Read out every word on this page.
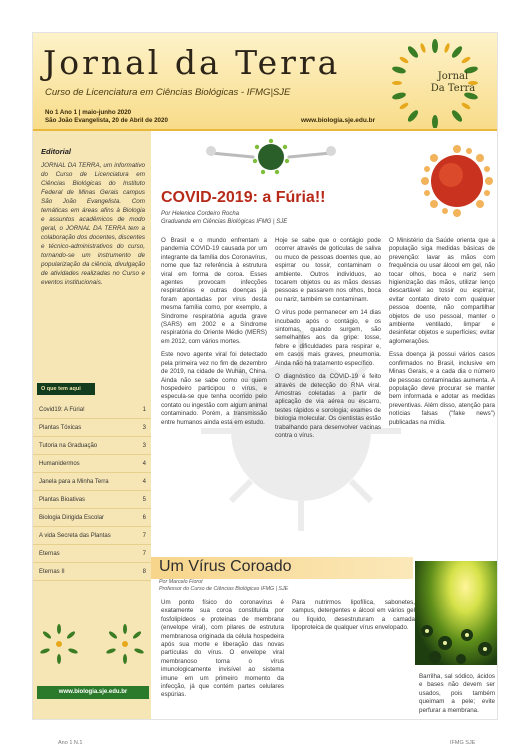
Jornal da Terra
Curso de Licenciatura em Ciências Biológicas - IFMG|SJE
No 1 Ano 1 | maio-junho 2020
São João Evangelista, 20 de Abril de 2020	www.biologia.sje.edu.br
Jornal
Da Terra
Editorial
JORNAL DA TERRA, um informativo do Curso de Licenciatura em Ciências Biológicas do Instituto Federal de Minas Gerais campus São João Evangelista. Com temáticas em áreas afins à Biologia e assuntos acadêmicos de modo geral, o JORNAL DA TERRA tem a colaboração dos docentes, discentes e técnico-administrativos do curso, tornando-se um instrumento de popularização da ciência, divulgação de atividades realizadas no Curso e eventos institucionais.
O que tem aqui
Covid19: A Fúria!	1
Plantas Tóxicas	3
Tutoria na Graduação	3
Humanidermos	4
Janela para a Minha Terra	4
Plantas Bioativas	5
Biologia Dirigida Escolar	6
A vida Secreta das Plantas	7
Eternas	7
Eternas II	8
www.biologia.sje.edu.br
COVID-2019: a Fúria!!
Por Helenice Cordeiro Rocha
Graduanda em Ciências Biológicas IFMG | SJE

O Brasil e o mundo enfrentam a pandemia COVID-19 causada por um integrante da família dos Coronavírus, nome que faz referência à estrutura viral em forma de coroa. Esses agentes provocam infecções respiratórias e outras doenças já foram apontadas por vírus desta mesma família como, por exemplo, a Síndrome respiratória aguda grave (SARS) em 2002 e a Síndrome respiratória do Oriente Médio (MERS) em 2012, com vários mortes.

Este novo agente viral foi detectado pela primeira vez no fim de dezembro de 2019, na cidade de Wuhan, China. Ainda não se sabe como ou quem hospedeiro participou o vírus, e especula-se que tenha ocorrido pelo contato ou ingestão com algum animal contaminado. Porém, a transmissão entre humanos ainda está em estudo.

Hoje se sabe que o contágio pode ocorrer através de gotículas de saliva ou muco de pessoas doentes que, ao espirrar ou tossir, contaminam o ambiente. Outros indivíduos, ao tocarem objetos ou as mãos dessas pessoas e passarem nos olhos, boca ou nariz, também se contaminam.

O vírus pode permanecer em 14 dias incubado após o contágio, e os sintomas, quando surgem, são semelhantes aos da gripe: tosse, febre e dificuldades para respirar e, em casos mais graves, pneumonia. Ainda não há tratamento específico.

O diagnóstico da COVID-19 é feito através de detecção do RNA viral. Amostras coletadas a partir de aplicação de via aérea ou escarro, testes rápidos e sorologia; exames de biologia molecular. Os cientistas estão trabalhando para desenvolver vacinas contra o vírus.

O Ministério da Saúde orienta que a população siga medidas básicas de prevenção: lavar as mãos com frequência ou usar álcool em gel, não tocar olhos, boca e nariz sem higienização das mãos, utilizar lenço descartável ao tossir ou espirrar, evitar contato direto com qualquer pessoa doente, não compartilhar objetos de uso pessoal, manter o ambiente ventilado, limpar e desinfetar objetos e superfícies; evitar aglomerações.

Essa doença já possui vários casos confirmados no Brasil, inclusive em Minas Gerais, e a cada dia o número de pessoas contaminadas aumenta. A população deve procurar se manter bem informada e adotar as medidas preventivas. Além disso, atenção para notícias falsas ("fake news") publicadas na mídia.

Um Vírus Coroado
Por Marcelo Fiorot
Professor do Curso de Ciências Biológicas IFMG | SJE

Um ponto físico do coronavírus é exatamente sua coroa constituída por fosfolipídeos e proteínas de membrana (envelope viral), com pilares de estrutura membranosa originada da célula hospedeira após sua morte e liberação das novas partículas do vírus. O envelope viral membranoso torna o vírus imunologicamente invisível ao sistema imune em um primeiro momento da infecção, já que contém partes celulares espúrias.

Para nutrirmos lipofílica, sabonetes, xampus, detergentes e álcool em vários gel ou líquido, desestruturam a camada lipoproteica de qualquer vírus envelopado.

Barrilha, sal sódico, ácidos e bases não devem ser usados, pois também queimam a pele; evite perfurar a membrana.
Ano 1 N.1	IFMG SJE
